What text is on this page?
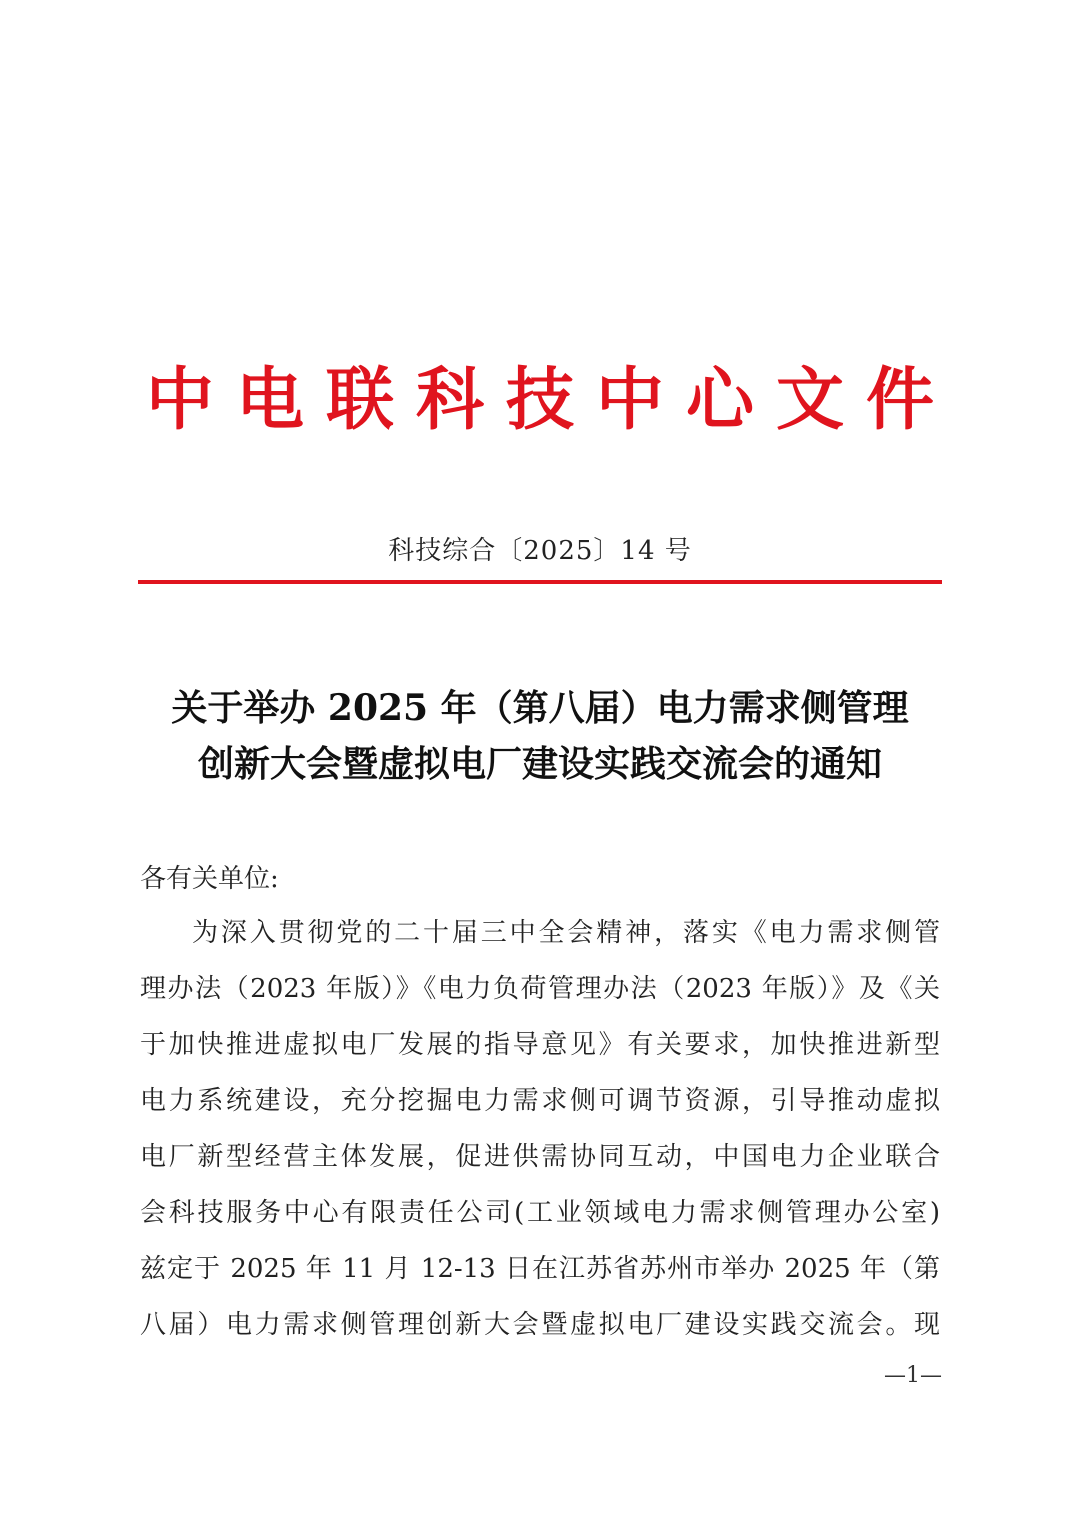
中 电 联 科 技 中 心 文 件
科技综合〔2025〕14 号
关于举办 2025 年（第八届）电力需求侧管理
创新大会暨虚拟电厂建设实践交流会的通知
各有关单位:
为深入贯彻党的二十届三中全会精神，落实《电力需求侧管
理办法（2023 年版）》《电力负荷管理办法（2023 年版）》及《关
于加快推进虚拟电厂发展的指导意见》有关要求，加快推进新型
电力系统建设，充分挖掘电力需求侧可调节资源，引导推动虚拟
电厂新型经营主体发展，促进供需协同互动，中国电力企业联合
会科技服务中心有限责任公司(工业领域电力需求侧管理办公室)
兹定于 2025 年 11 月 12-13 日在江苏省苏州市举办 2025 年（第
八届）电力需求侧管理创新大会暨虚拟电厂建设实践交流会。现
—1—
